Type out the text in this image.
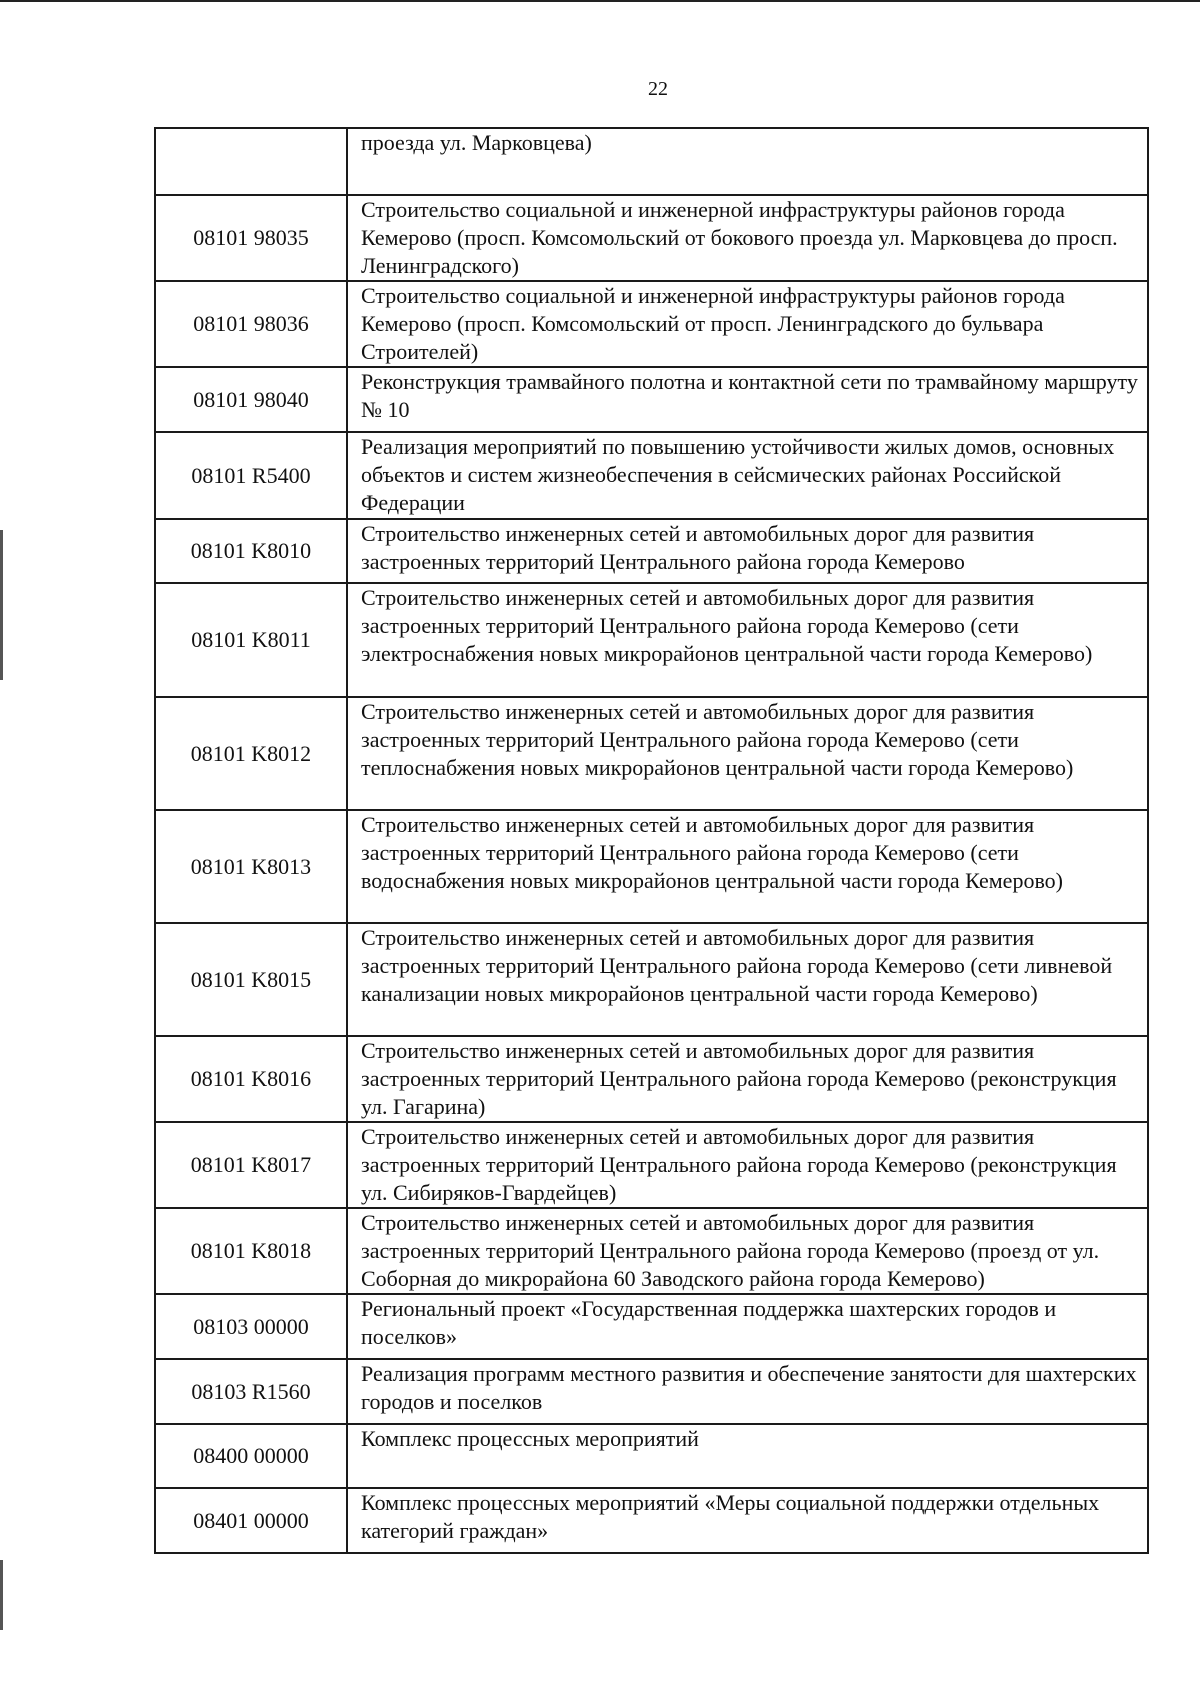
22
	проезда ул. Марковцева)
08101 98035	Строительство социальной и инженерной инфраструктуры районов города Кемерово (просп. Комсомольский от бокового проезда ул. Марковцева до просп. Ленинградского)
08101 98036	Строительство социальной и инженерной инфраструктуры районов города Кемерово (просп. Комсомольский от просп. Ленинградского до бульвара Строителей)
08101 98040	Реконструкция трамвайного полотна и контактной сети по трамвайному маршруту № 10
08101 R5400	Реализация мероприятий по повышению устойчивости жилых домов, основных объектов и систем жизнеобеспечения в сейсмических районах Российской Федерации
08101 K8010	Строительство инженерных сетей и автомобильных дорог для развития застроенных территорий Центрального района города Кемерово
08101 K8011	Строительство инженерных сетей и автомобильных дорог для развития застроенных территорий Центрального района города Кемерово (сети электроснабжения новых микрорайонов центральной части города Кемерово)
08101 K8012	Строительство инженерных сетей и автомобильных дорог для развития застроенных территорий Центрального района города Кемерово (сети теплоснабжения новых микрорайонов центральной части города Кемерово)
08101 K8013	Строительство инженерных сетей и автомобильных дорог для развития застроенных территорий Центрального района города Кемерово (сети водоснабжения новых микрорайонов центральной части города Кемерово)
08101 K8015	Строительство инженерных сетей и автомобильных дорог для развития застроенных территорий Центрального района города Кемерово (сети ливневой канализации новых микрорайонов центральной части города Кемерово)
08101 K8016	Строительство инженерных сетей и автомобильных дорог для развития застроенных территорий Центрального района города Кемерово (реконструкция ул. Гагарина)
08101 K8017	Строительство инженерных сетей и автомобильных дорог для развития застроенных территорий Центрального района города Кемерово (реконструкция ул. Сибиряков-Гвардейцев)
08101 K8018	Строительство инженерных сетей и автомобильных дорог для развития застроенных территорий Центрального района города Кемерово (проезд от ул. Соборная до микрорайона 60 Заводского района города Кемерово)
08103 00000	Региональный проект «Государственная поддержка шахтерских городов и поселков»
08103 R1560	Реализация программ местного развития и обеспечение занятости для шахтерских городов и поселков
08400 00000	Комплекс процессных мероприятий
08401 00000	Комплекс процессных мероприятий «Меры социальной поддержки отдельных категорий граждан»
